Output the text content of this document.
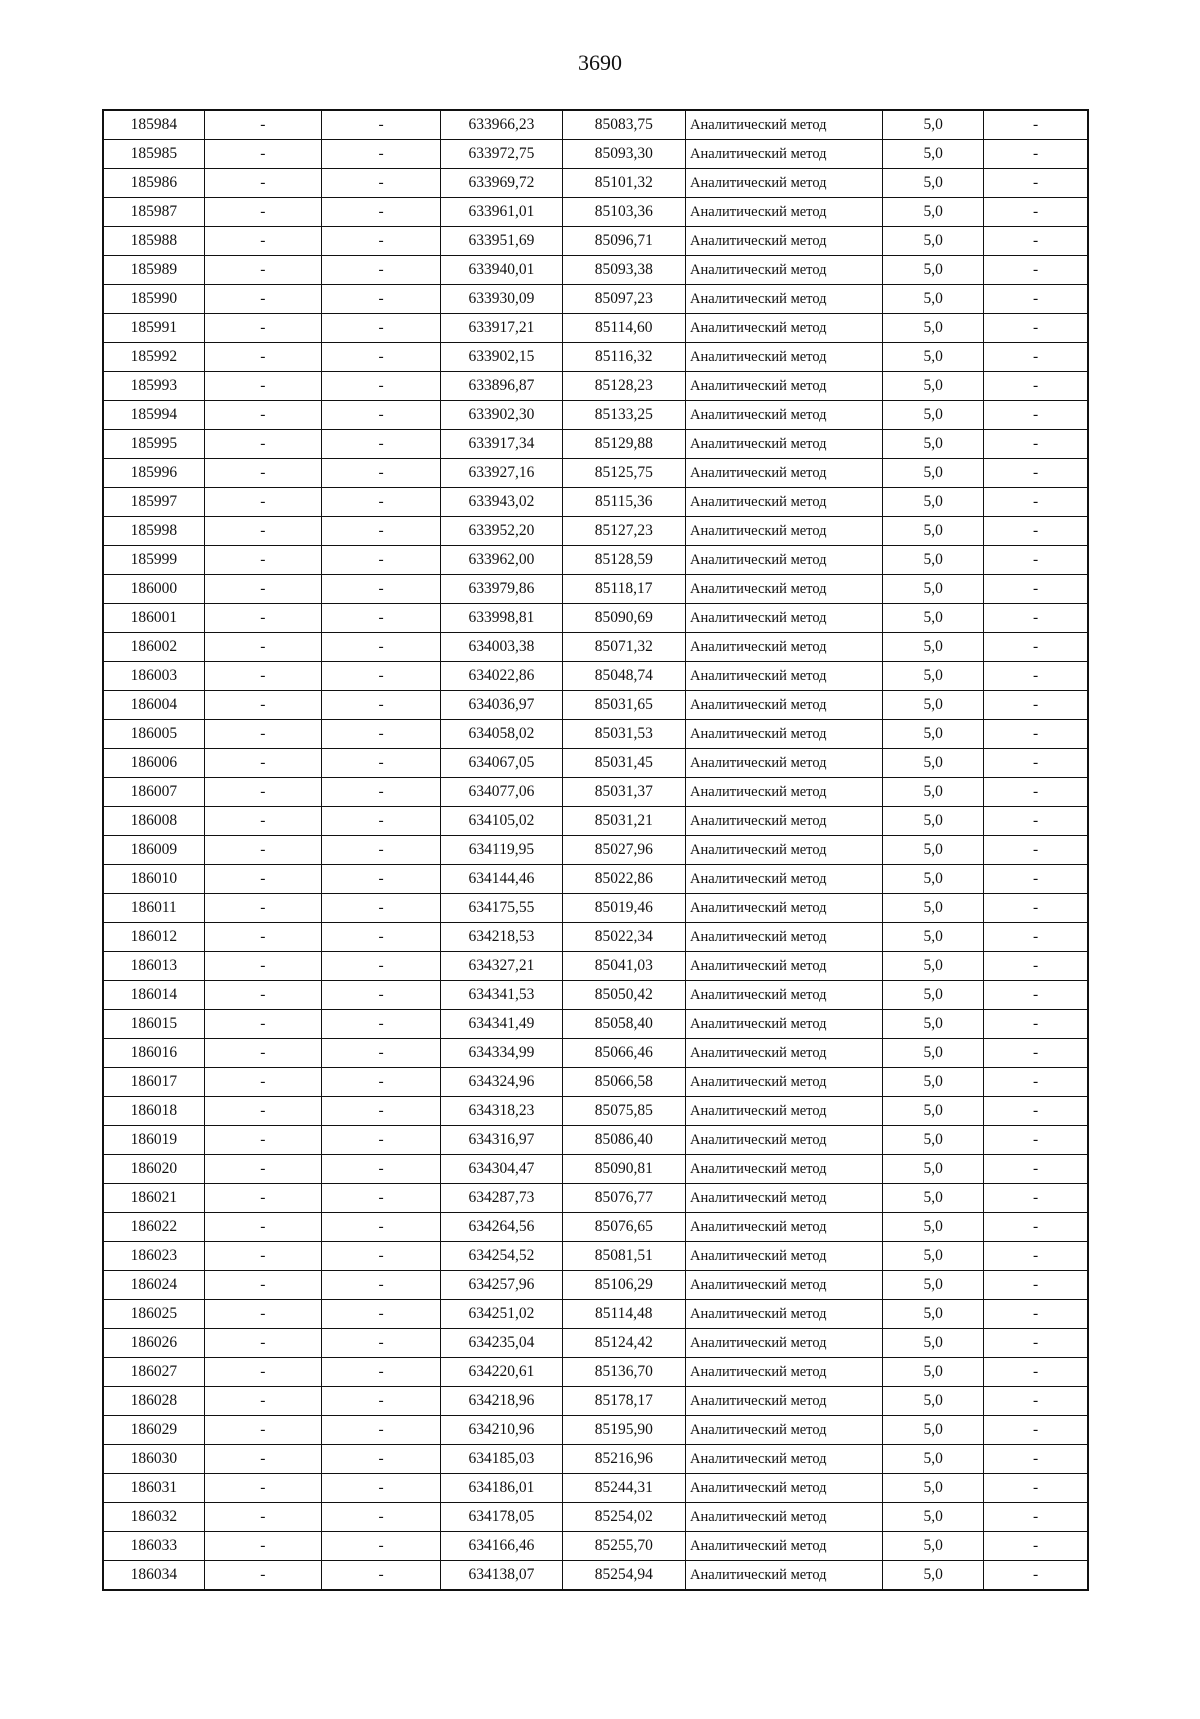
3690
185984	-	-	633966,23	85083,75	Аналитический метод	5,0	-
185985	-	-	633972,75	85093,30	Аналитический метод	5,0	-
185986	-	-	633969,72	85101,32	Аналитический метод	5,0	-
185987	-	-	633961,01	85103,36	Аналитический метод	5,0	-
185988	-	-	633951,69	85096,71	Аналитический метод	5,0	-
185989	-	-	633940,01	85093,38	Аналитический метод	5,0	-
185990	-	-	633930,09	85097,23	Аналитический метод	5,0	-
185991	-	-	633917,21	85114,60	Аналитический метод	5,0	-
185992	-	-	633902,15	85116,32	Аналитический метод	5,0	-
185993	-	-	633896,87	85128,23	Аналитический метод	5,0	-
185994	-	-	633902,30	85133,25	Аналитический метод	5,0	-
185995	-	-	633917,34	85129,88	Аналитический метод	5,0	-
185996	-	-	633927,16	85125,75	Аналитический метод	5,0	-
185997	-	-	633943,02	85115,36	Аналитический метод	5,0	-
185998	-	-	633952,20	85127,23	Аналитический метод	5,0	-
185999	-	-	633962,00	85128,59	Аналитический метод	5,0	-
186000	-	-	633979,86	85118,17	Аналитический метод	5,0	-
186001	-	-	633998,81	85090,69	Аналитический метод	5,0	-
186002	-	-	634003,38	85071,32	Аналитический метод	5,0	-
186003	-	-	634022,86	85048,74	Аналитический метод	5,0	-
186004	-	-	634036,97	85031,65	Аналитический метод	5,0	-
186005	-	-	634058,02	85031,53	Аналитический метод	5,0	-
186006	-	-	634067,05	85031,45	Аналитический метод	5,0	-
186007	-	-	634077,06	85031,37	Аналитический метод	5,0	-
186008	-	-	634105,02	85031,21	Аналитический метод	5,0	-
186009	-	-	634119,95	85027,96	Аналитический метод	5,0	-
186010	-	-	634144,46	85022,86	Аналитический метод	5,0	-
186011	-	-	634175,55	85019,46	Аналитический метод	5,0	-
186012	-	-	634218,53	85022,34	Аналитический метод	5,0	-
186013	-	-	634327,21	85041,03	Аналитический метод	5,0	-
186014	-	-	634341,53	85050,42	Аналитический метод	5,0	-
186015	-	-	634341,49	85058,40	Аналитический метод	5,0	-
186016	-	-	634334,99	85066,46	Аналитический метод	5,0	-
186017	-	-	634324,96	85066,58	Аналитический метод	5,0	-
186018	-	-	634318,23	85075,85	Аналитический метод	5,0	-
186019	-	-	634316,97	85086,40	Аналитический метод	5,0	-
186020	-	-	634304,47	85090,81	Аналитический метод	5,0	-
186021	-	-	634287,73	85076,77	Аналитический метод	5,0	-
186022	-	-	634264,56	85076,65	Аналитический метод	5,0	-
186023	-	-	634254,52	85081,51	Аналитический метод	5,0	-
186024	-	-	634257,96	85106,29	Аналитический метод	5,0	-
186025	-	-	634251,02	85114,48	Аналитический метод	5,0	-
186026	-	-	634235,04	85124,42	Аналитический метод	5,0	-
186027	-	-	634220,61	85136,70	Аналитический метод	5,0	-
186028	-	-	634218,96	85178,17	Аналитический метод	5,0	-
186029	-	-	634210,96	85195,90	Аналитический метод	5,0	-
186030	-	-	634185,03	85216,96	Аналитический метод	5,0	-
186031	-	-	634186,01	85244,31	Аналитический метод	5,0	-
186032	-	-	634178,05	85254,02	Аналитический метод	5,0	-
186033	-	-	634166,46	85255,70	Аналитический метод	5,0	-
186034	-	-	634138,07	85254,94	Аналитический метод	5,0	-
